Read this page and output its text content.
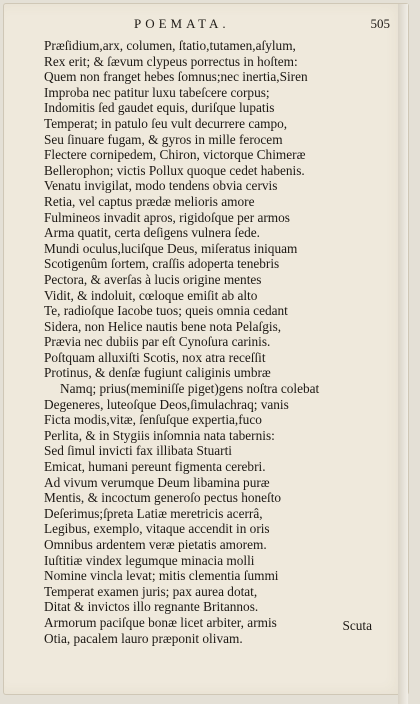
POEMATA.	505
Præſidium,arx, columen, ſtatio,tutamen,aſylum,
Rex erit; & ſævum clypeus porrectus in hoſtem:
Quem non franget hebes ſomnus;nec inertia,Siren
Improba nec patitur luxu tabeſcere corpus;
Indomitis ſed gaudet equis, duriſque lupatis
Temperat; in patulo ſeu vult decurrere campo,
Seu ſinuare fugam, & gyros in mille ferocem
Flectere cornipedem, Chiron, victorque Chimeræ
Bellerophon; victis Pollux quoque cedet habenis.
Venatu invigilat, modo tendens obvia cervis
Retia, vel captus prædæ melioris amore
Fulmineos invadit apros, rigidoſque per armos
Arma quatit, certa deſigens vulnera ſede.
Mundi oculus,luciſque Deus, miſeratus iniquam
Scotigenûm ſortem, craſſis adoperta tenebris
Pectora, & averſas à lucis origine mentes
Vidit, & indoluit, cœloque emiſit ab alto
Te, radioſque Iacobe tuos; queis omnia cedant
Sidera, non Helice nautis bene nota Pelaſgis,
Prævia nec dubiis par eſt Cynoſura carinis.
Poſtquam alluxiſti Scotis, nox atra receſſit
Protinus, & denſæ fugiunt caliginis umbræ
Namq; prius(meminiſſe piget)gens noſtra colebat
Degeneres, luteoſque Deos,ſimulachraq; vanis
Ficta modis,vitæ, ſenſuſque expertia,fuco
Perlita, & in Stygiis inſomnia nata tabernis:
Sed ſimul invicti fax illibata Stuarti
Emicat, humani pereunt figmenta cerebri.
Ad vivum verumque Deum libamina puræ
Mentis, & incoctum generoſo pectus honeſto
Deſerimus;ſpreta Latiæ meretricis acerrâ,
Legibus, exemplo, vitaque accendit in oris
Omnibus ardentem veræ pietatis amorem.
Iuſtitiæ vindex legumque minacia molli
Nomine vincla levat; mitis clementia ſummi
Temperat examen juris; pax aurea dotat,
Ditat & invictos illo regnante Britannos.
Armorum paciſque bonæ licet arbiter, armis
Otia, pacalem lauro præponit olivam.
Scuta
